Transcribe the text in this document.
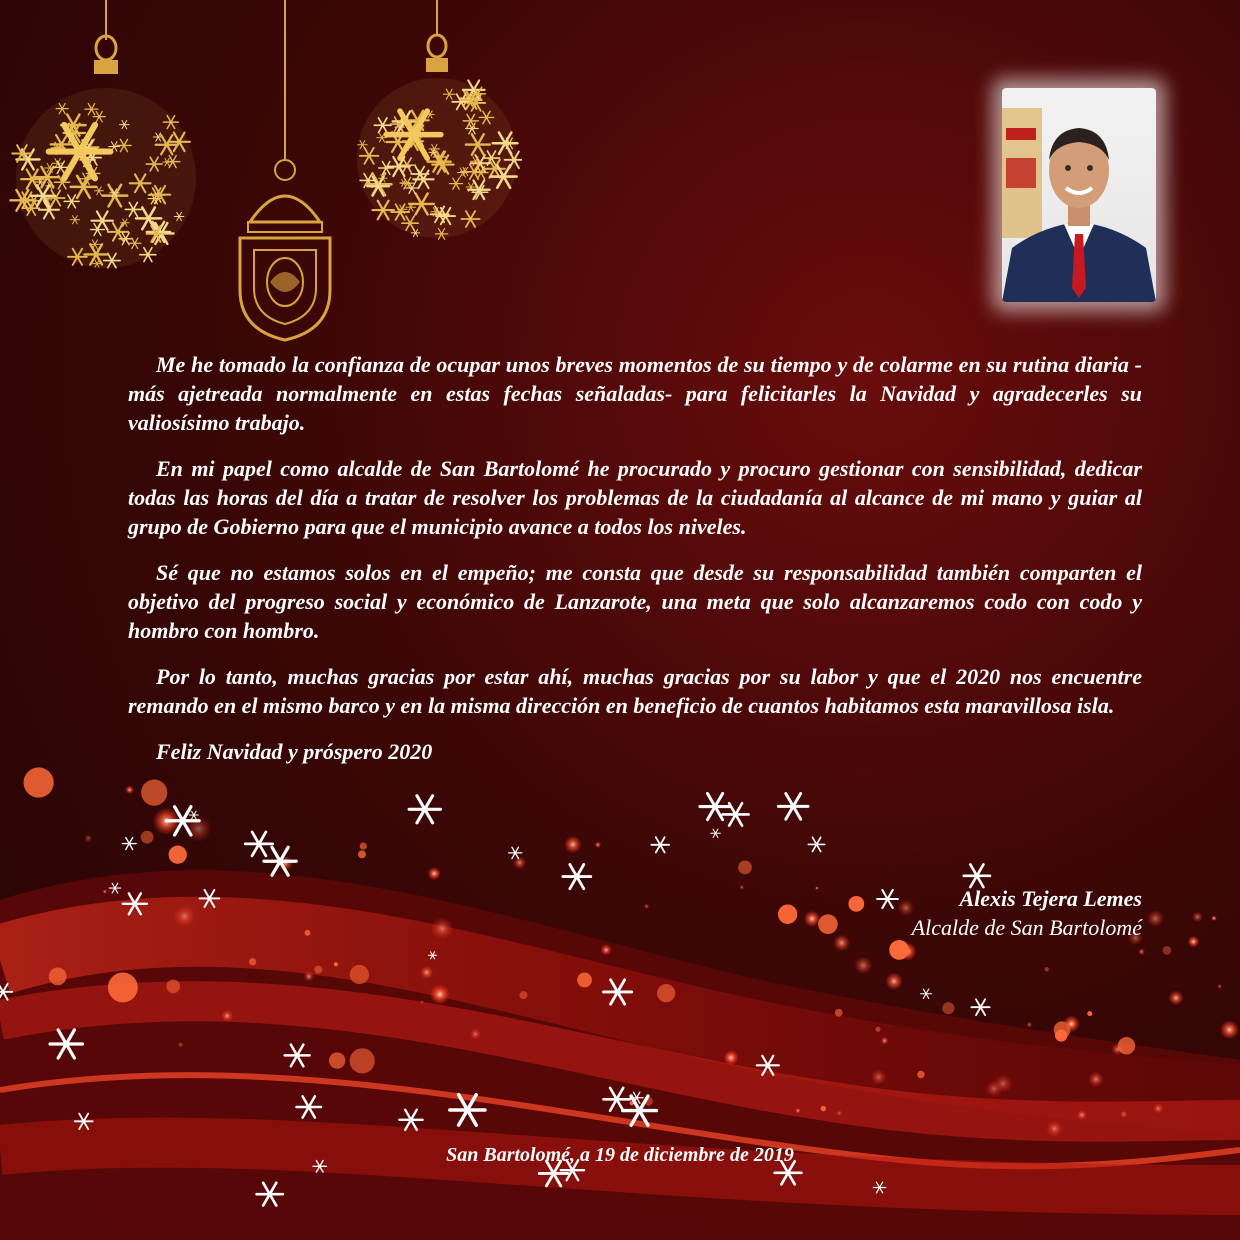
Me he tomado la confianza de ocupar unos breves momentos de su tiempo y de colarme en su rutina diaria -más ajetreada normalmente en estas fechas señaladas- para felicitarles la Navidad y agradecerles su valiosísimo trabajo.

En mi papel como alcalde de San Bartolomé he procurado y procuro gestionar con sensibilidad, dedicar todas las horas del día a tratar de resolver los problemas de la ciudadanía al alcance de mi mano y guiar al grupo de Gobierno para que el municipio avance a todos los niveles.

Sé que no estamos solos en el empeño; me consta que desde su responsabilidad también comparten el objetivo del progreso social y económico de Lanzarote, una meta que solo alcanzaremos codo con codo y hombro con hombro.

Por lo tanto, muchas gracias por estar ahí, muchas gracias por su labor y que el 2020 nos encuentre remando en el mismo barco y en la misma dirección en beneficio de cuantos habitamos esta maravillosa isla.

Feliz Navidad y próspero 2020

Alexis Tejera Lemes
Alcalde de San Bartolomé
San Bartolomé, a 19 de diciembre de 2019
